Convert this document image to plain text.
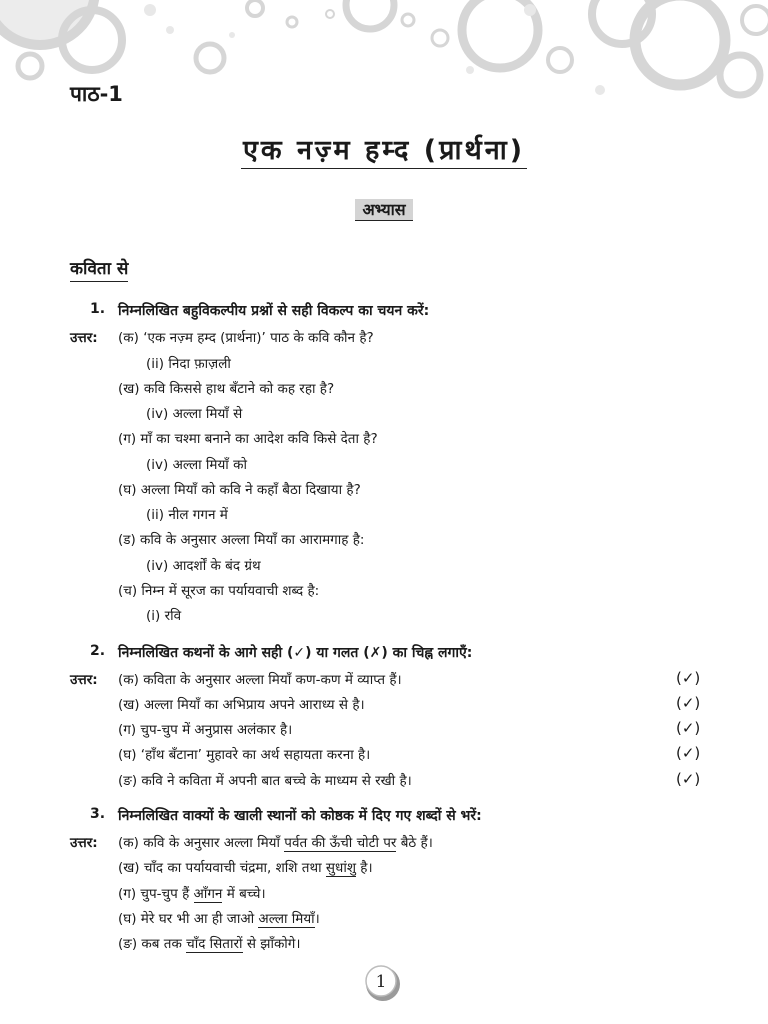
पाठ-1
एक नज़्म हम्द (प्रार्थना)
अभ्यास
कविता से
1. निम्नलिखित बहुविकल्पीय प्रश्नों से सही विकल्प का चयन करें:
उत्तर: (क) ‘एक नज़्म हम्द (प्रार्थना)’ पाठ के कवि कौन है?
(ii) निदा फ़ाज़ली
(ख) कवि किससे हाथ बँटाने को कह रहा है?
(iv) अल्ला मियाँ से
(ग) माँ का चश्मा बनाने का आदेश कवि किसे देता है?
(iv) अल्ला मियाँ को
(घ) अल्ला मियाँ को कवि ने कहाँ बैठा दिखाया है?
(ii) नील गगन में
(ड) कवि के अनुसार अल्ला मियाँ का आरामगाह है:
(iv) आदर्शों के बंद ग्रंथ
(च) निम्न में सूरज का पर्यायवाची शब्द है:
(i) रवि
2. निम्नलिखित कथनों के आगे सही (✓) या गलत (✗) का चिह्न लगाएँ:
उत्तर: (क) कविता के अनुसार अल्ला मियाँ कण-कण में व्याप्त हैं।	(✓)
(ख) अल्ला मियाँ का अभिप्राय अपने आराध्य से है।	(✓)
(ग) चुप-चुप में अनुप्रास अलंकार है।	(✓)
(घ) ‘हाँथ बँटाना’ मुहावरे का अर्थ सहायता करना है।	(✓)
(ङ) कवि ने कविता में अपनी बात बच्चे के माध्यम से रखी है।	(✓)
3. निम्नलिखित वाक्यों के खाली स्थानों को कोष्ठक में दिए गए शब्दों से भरें:
उत्तर: (क) कवि के अनुसार अल्ला मियाँ पर्वत की ऊँची चोटी पर बैठे हैं।
(ख) चाँद का पर्यायवाची चंद्रमा, शशि तथा सुधांशु है।
(ग) चुप-चुप हैं आँगन में बच्चे।
(घ) मेरे घर भी आ ही जाओ अल्ला मियाँ।
(ङ) कब तक चाँद सितारों से झाँकोगे।
1
